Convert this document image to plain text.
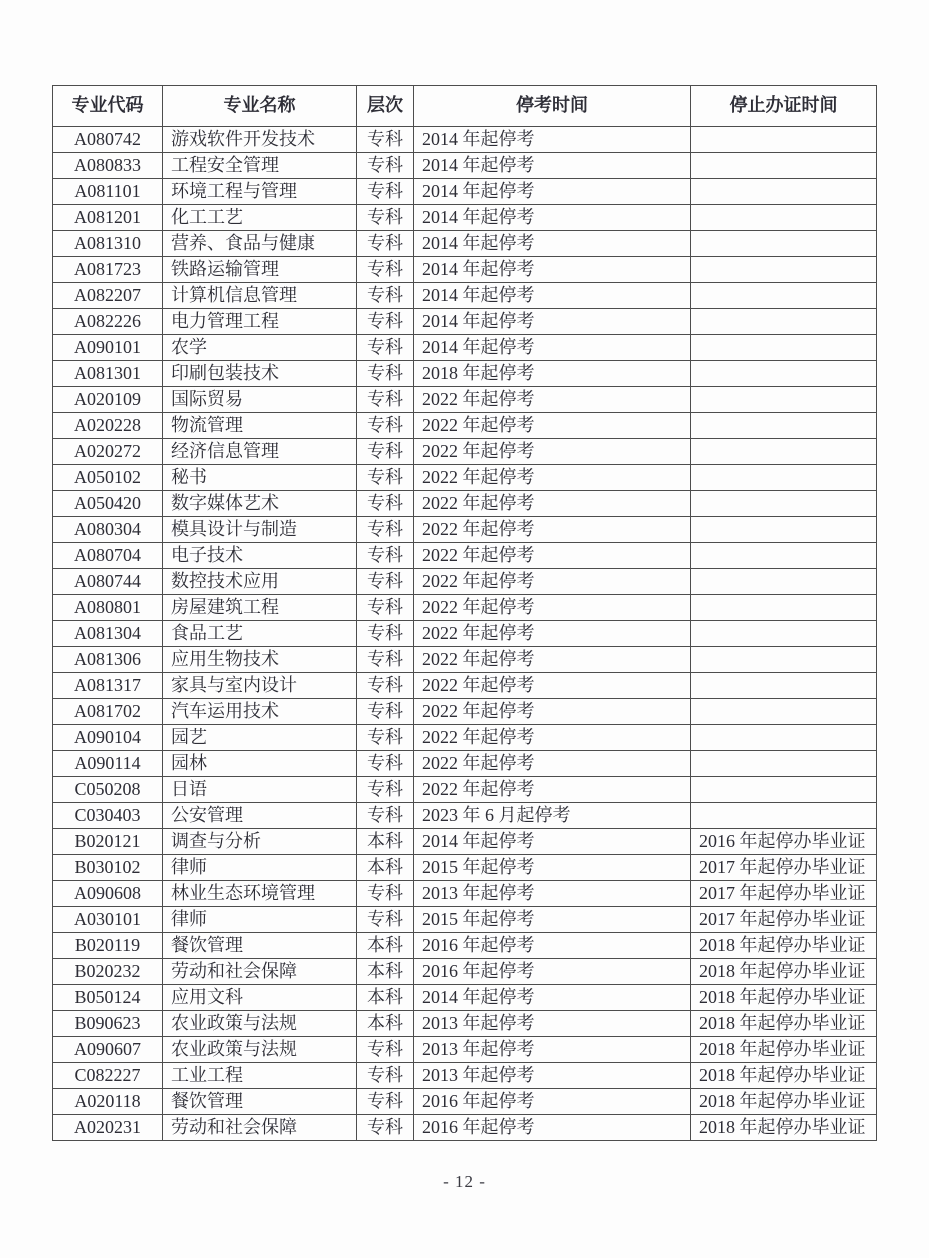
专业代码	专业名称	层次	停考时间	停止办证时间
A080742	游戏软件开发技术	专科	2014 年起停考	
A080833	工程安全管理	专科	2014 年起停考	
A081101	环境工程与管理	专科	2014 年起停考	
A081201	化工工艺	专科	2014 年起停考	
A081310	营养、食品与健康	专科	2014 年起停考	
A081723	铁路运输管理	专科	2014 年起停考	
A082207	计算机信息管理	专科	2014 年起停考	
A082226	电力管理工程	专科	2014 年起停考	
A090101	农学	专科	2014 年起停考	
A081301	印刷包装技术	专科	2018 年起停考	
A020109	国际贸易	专科	2022 年起停考	
A020228	物流管理	专科	2022 年起停考	
A020272	经济信息管理	专科	2022 年起停考	
A050102	秘书	专科	2022 年起停考	
A050420	数字媒体艺术	专科	2022 年起停考	
A080304	模具设计与制造	专科	2022 年起停考	
A080704	电子技术	专科	2022 年起停考	
A080744	数控技术应用	专科	2022 年起停考	
A080801	房屋建筑工程	专科	2022 年起停考	
A081304	食品工艺	专科	2022 年起停考	
A081306	应用生物技术	专科	2022 年起停考	
A081317	家具与室内设计	专科	2022 年起停考	
A081702	汽车运用技术	专科	2022 年起停考	
A090104	园艺	专科	2022 年起停考	
A090114	园林	专科	2022 年起停考	
C050208	日语	专科	2022 年起停考	
C030403	公安管理	专科	2023 年 6 月起停考	
B020121	调查与分析	本科	2014 年起停考	2016 年起停办毕业证
B030102	律师	本科	2015 年起停考	2017 年起停办毕业证
A090608	林业生态环境管理	专科	2013 年起停考	2017 年起停办毕业证
A030101	律师	专科	2015 年起停考	2017 年起停办毕业证
B020119	餐饮管理	本科	2016 年起停考	2018 年起停办毕业证
B020232	劳动和社会保障	本科	2016 年起停考	2018 年起停办毕业证
B050124	应用文科	本科	2014 年起停考	2018 年起停办毕业证
B090623	农业政策与法规	本科	2013 年起停考	2018 年起停办毕业证
A090607	农业政策与法规	专科	2013 年起停考	2018 年起停办毕业证
C082227	工业工程	专科	2013 年起停考	2018 年起停办毕业证
A020118	餐饮管理	专科	2016 年起停考	2018 年起停办毕业证
A020231	劳动和社会保障	专科	2016 年起停考	2018 年起停办毕业证
- 12 -
